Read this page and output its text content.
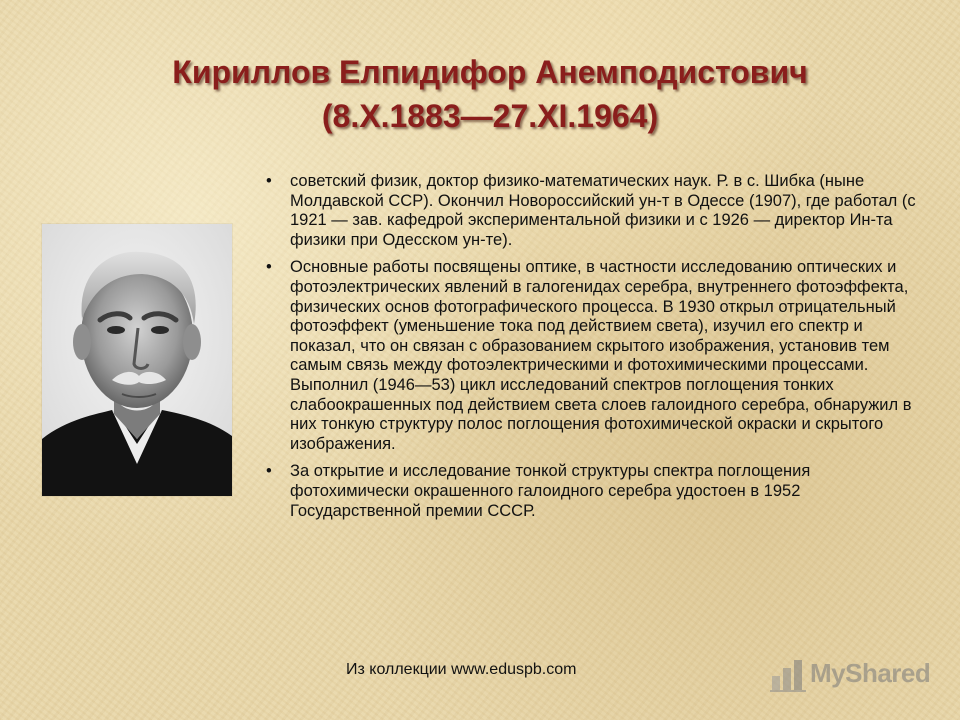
Кириллов Елпидифор Анемподистович
(8.X.1883—27.XI.1964)
• советский физик, доктор физико-математических наук. Р. в с. Шибка (ныне Молдавской ССР). Окончил Новороссийский ун-т в Одессе (1907), где работал (с 1921 — зав. кафедрой экспериментальной физики и с 1926 — директор Ин-та физики при Одесском ун-те).
• Основные работы посвящены оптике, в частности исследованию оптических и фотоэлектрических явлений в галогенидах серебра, внутреннего фотоэффекта, физических основ фотографического процесса. В 1930 открыл отрицательный фотоэффект (уменьшение тока под действием света), изучил его спектр и показал, что он связан с образованием скрытого изображения, установив тем самым связь между фотоэлектрическими и фотохимическими процессами. Выполнил (1946—53) цикл исследований спектров поглощения тонких слабоокрашенных под действием света слоев галоидного серебра, обнаружил в них тонкую структуру полос поглощения фотохимической окраски и скрытого изображения.
• За открытие и исследование тонкой структуры спектра поглощения фотохимически окрашенного галоидного серебра удостоен в 1952 Государственной премии СССР.
Из коллекции www.eduspb.com	MyShared
